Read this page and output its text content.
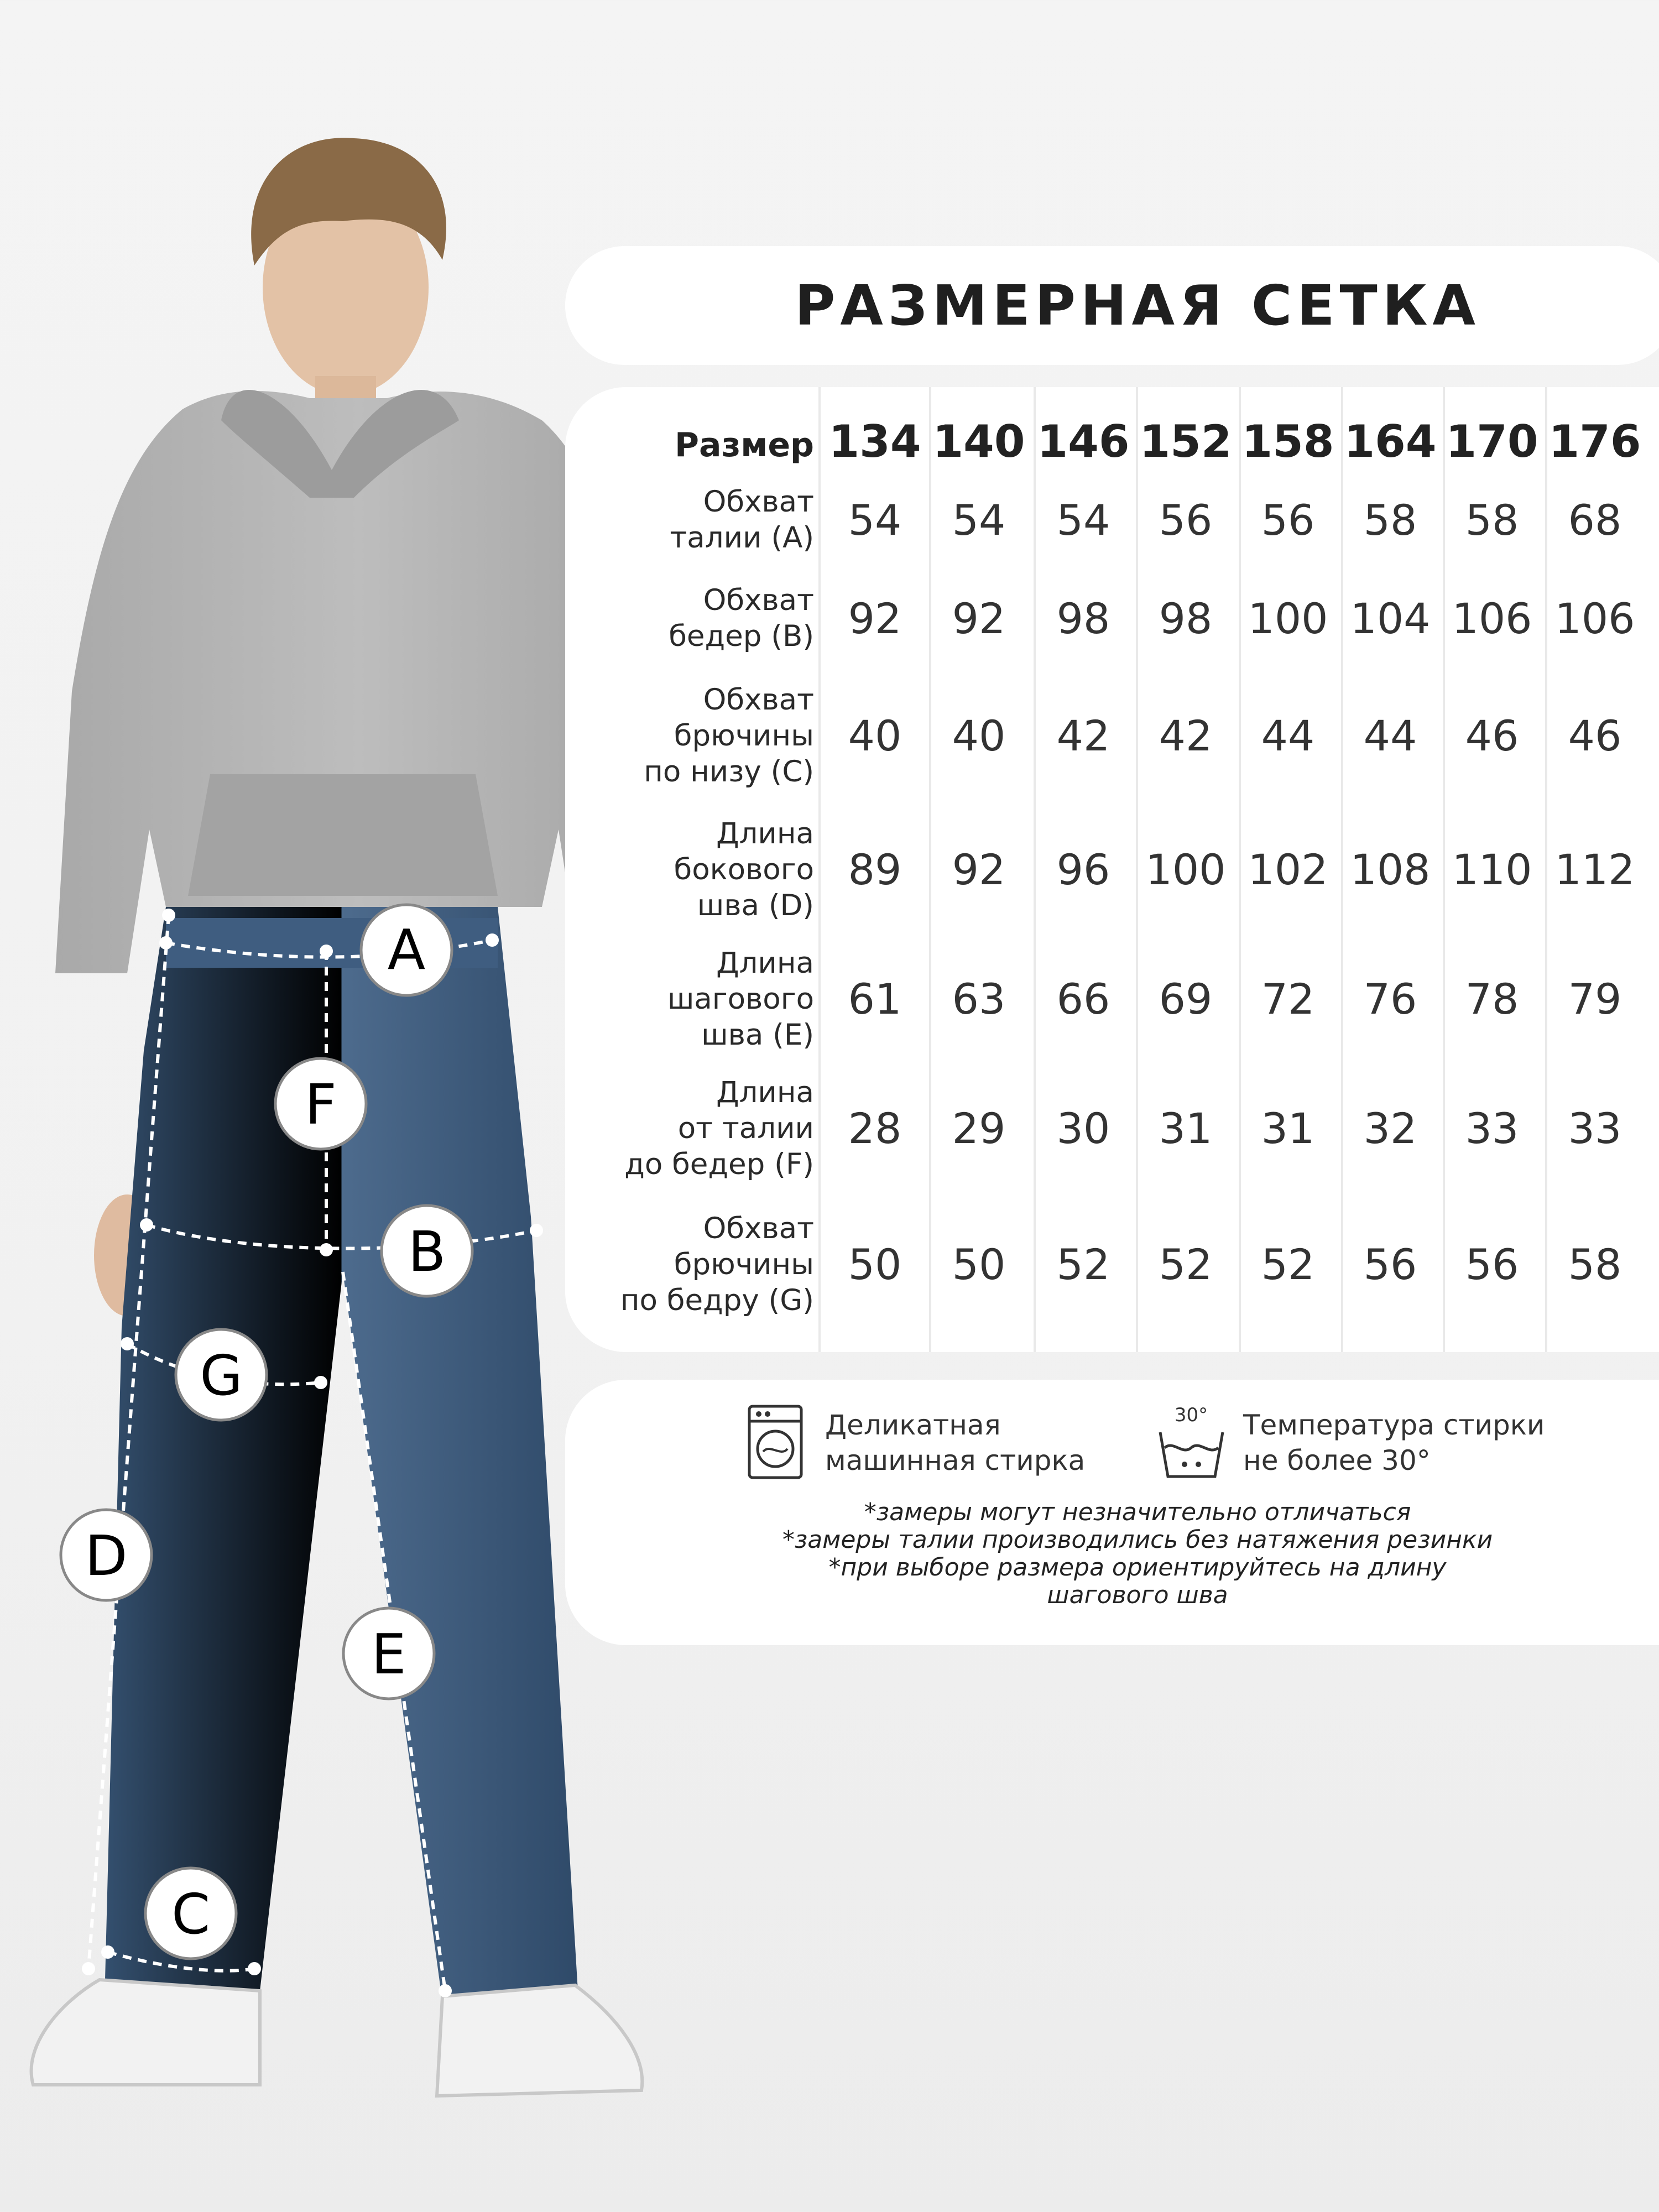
A
F
B
G
D
E
C
РАЗМЕРНАЯ СЕТКА
Размер 134 140 146 152 158 164 170 176
Обхват
талии (А) 54	54	54	56	56	58	58	68
Обхват
бедер (В) 92	92	98	98 100 104 106 106
Обхват
брючины
по низу (С)
40	40	42	42	44	44	46	46
Длина
бокового
шва (D)
89	92	96 100 102 108 110 112
Длина
шагового
шва (Е)
61	63	66	69	72	76	78	79
Длина
от талии
до бедер (F)
28	29	30	31	31	32	33	33
Обхват
брючины
по бедру (G)
50	50	52	52	52	56	56	58
Деликатная
машинная стирка
30° Температура стирки
не более 30°
*замеры могут незначительно отличаться
*замеры талии производились без натяжения резинки
*при выборе размера ориентируйтесь на длину
шагового шва
